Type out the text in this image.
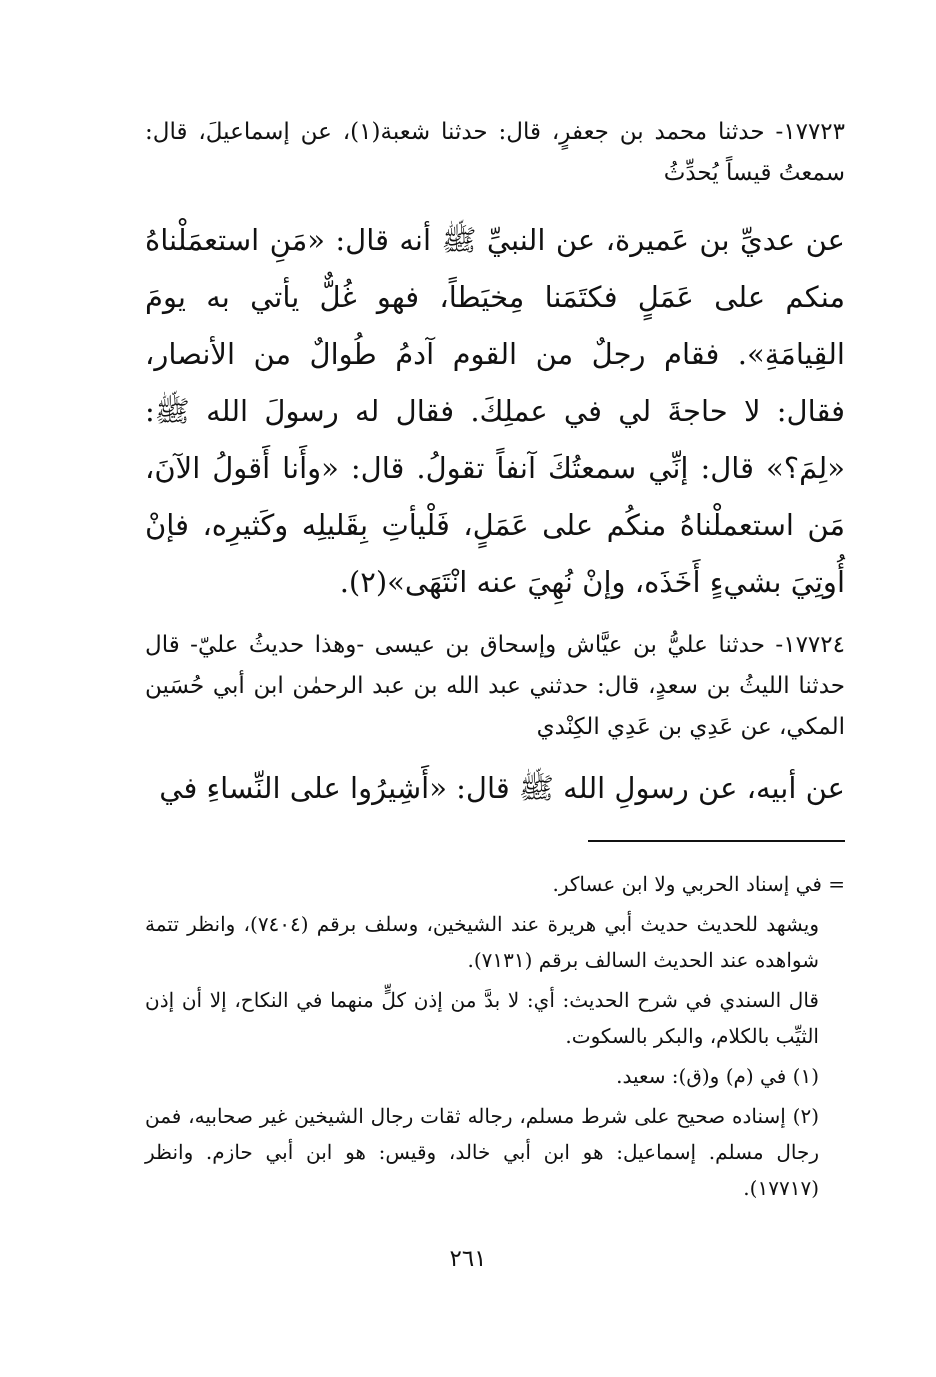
١٧٧٢٣- حدثنا محمد بن جعفرٍ، قال: حدثنا شعبة(١)، عن إسماعيلَ، قال: سمعتُ قيساً يُحدِّثُ

عن عديِّ بن عَميرة، عن النبيِّ ﷺ أنه قال: «مَنِ استعمَلْناهُ منكم على عَمَلٍ فكتَمَنا مِخيَطاً، فهو غُلٌّ يأتي به يومَ القِيامَةِ». فقام رجلٌ من القوم آدمُ طُوالٌ من الأنصار، فقال: لا حاجةَ لي في عملِكَ. فقال له رسولَ الله ﷺ: «لِمَ؟» قال: إنِّي سمعتُكَ آنفاً تقولُ. قال: «وأَنا أَقولُ الآنَ، مَن استعملْناهُ منكُم على عَمَلٍ، فَلْيأتِ بِقَليلِه وكَثيرِه، فإنْ أُوتِيَ بشيءٍ أَخَذَه، وإنْ نُهِيَ عنه انْتَهَى»(٢).

١٧٧٢٤- حدثنا عليُّ بن عيَّاش وإسحاق بن عيسى -وهذا حديثُ عليّ- قال حدثنا الليثُ بن سعدٍ، قال: حدثني عبد الله بن عبد الرحمٰن ابن أبي حُسَين المكي، عن عَدِي بن عَدِي الكِنْدي

عن أبيه، عن رسولِ الله ﷺ قال: «أَشِيرُوا على النِّساءِ في

= في إسناد الحربي ولا ابن عساكر.

ويشهد للحديث حديث أبي هريرة عند الشيخين، وسلف برقم (٧٤٠٤)، وانظر تتمة شواهده عند الحديث السالف برقم (٧١٣١).

قال السندي في شرح الحديث: أي: لا بدَّ من إذن كلٍّ منهما في النكاح، إلا أن إذن الثيِّب بالكلام، والبكر بالسكوت.

(١) في (م) و(ق): سعيد.

(٢) إسناده صحيح على شرط مسلم، رجاله ثقات رجال الشيخين غير صحابيه، فمن رجال مسلم. إسماعيل: هو ابن أبي خالد، وقيس: هو ابن أبي حازم. وانظر (١٧٧١٧).

٢٦١
